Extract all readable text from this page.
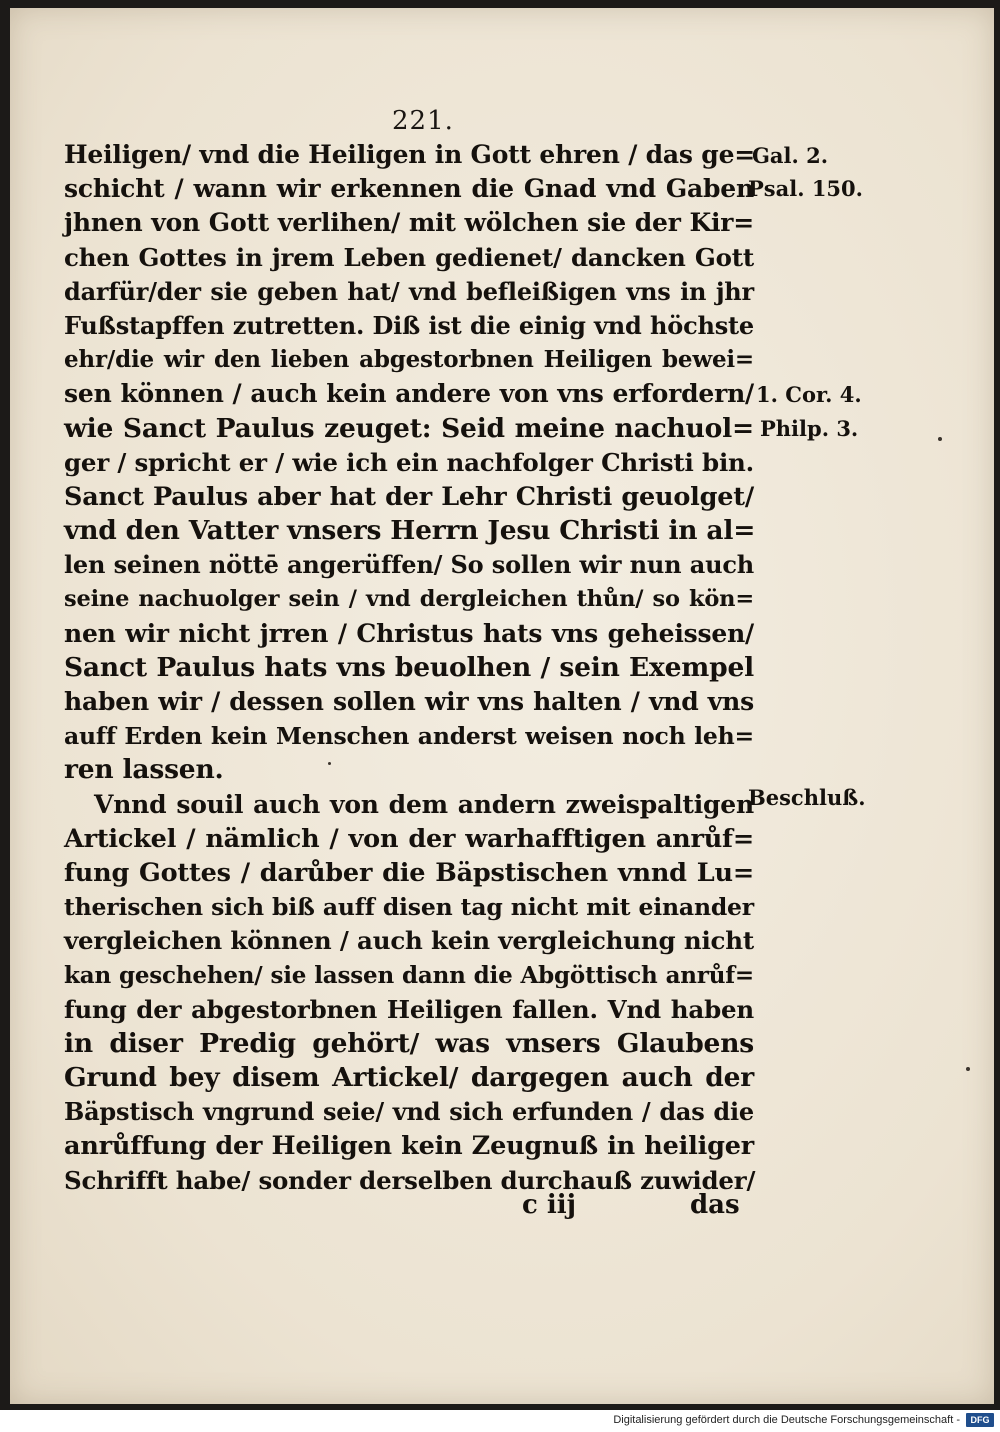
221.
Heiligen/ vnd die Heiligen in Gott ehren / das ge=
schicht / wann wir erkennen die Gnad vnd Gaben
jhnen von Gott verlihen/ mit wölchen sie der Kir=
chen Gottes in jrem Leben gedienet/ dancken Gott
darfür/der sie geben hat/ vnd befleißigen vns in jhr
Fußstapffen zutretten. Diß ist die einig vnd höchste
ehr/die wir den lieben abgestorbnen Heiligen bewei=
sen können / auch kein andere von vns erfordern/
wie Sanct Paulus zeuget: Seid meine nachuol=
ger / spricht er / wie ich ein nachfolger Christi bin.
Sanct Paulus aber hat der Lehr Christi geuolget/
vnd den Vatter vnsers Herrn Jesu Christi in al=
len seinen nöttē angerüffen/ So sollen wir nun auch
seine nachuolger sein / vnd dergleichen thůn/ so kön=
nen wir nicht jrren / Christus hats vns geheissen/
Sanct Paulus hats vns beuolhen / sein Exempel
haben wir / dessen sollen wir vns halten / vnd vns
auff Erden kein Menschen anderst weisen noch leh=
ren lassen.
Vnnd souil auch von dem andern zweispaltigen
Artickel / nämlich / von der warhafftigen anrůf=
fung Gottes / darůber die Bäpstischen vnnd Lu=
therischen sich biß auff disen tag nicht mit einander
vergleichen können / auch kein vergleichung nicht
kan geschehen/ sie lassen dann die Abgöttisch anrůf=
fung der abgestorbnen Heiligen fallen. Vnd haben
in diser Predig gehört/ was vnsers Glaubens
Grund bey disem Artickel/ dargegen auch der
Bäpstisch vngrund seie/ vnd sich erfunden / das die
anrůffung der Heiligen kein Zeugnuß in heiliger
Schrifft habe/ sonder derselben durchauß zuwider/
Gal. 2.
Psal. 150.
1. Cor. 4.
Philp. 3.
Beschluß.
c iij	das
Digitalisierung gefördert durch die Deutsche Forschungsgemeinschaft -	DFG
